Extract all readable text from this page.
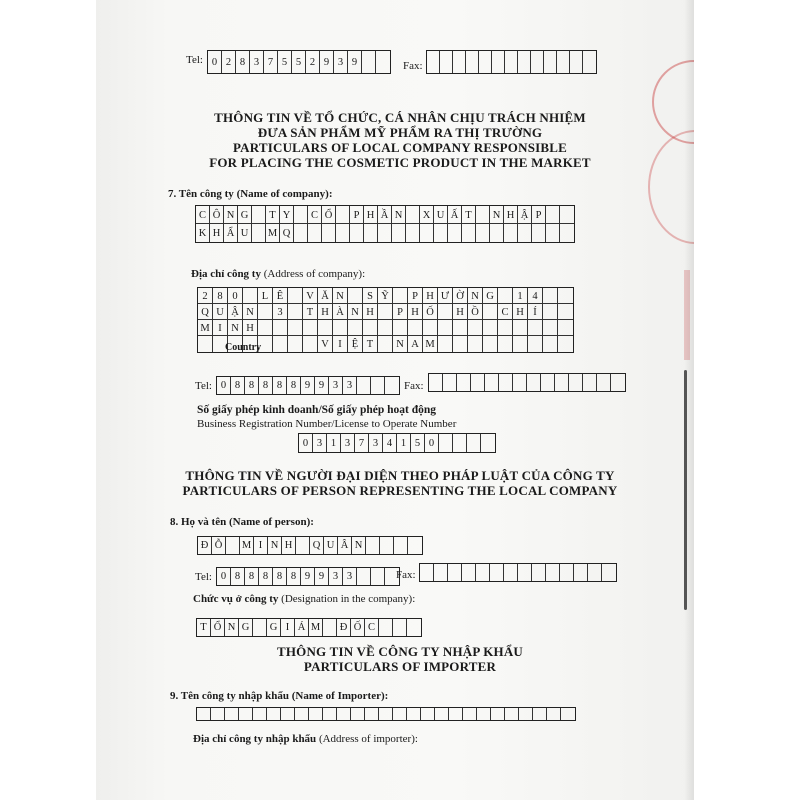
Tel: 0 2 8 3 7 5 5 2 9 3 9	Fax:
THÔNG TIN VỀ TỔ CHỨC, CÁ NHÂN CHỊU TRÁCH NHIỆM
ĐƯA SẢN PHẨM MỸ PHẨM RA THỊ TRƯỜNG
PARTICULARS OF LOCAL COMPANY RESPONSIBLE
FOR PLACING THE COSMETIC PRODUCT IN THE MARKET
7. Tên công ty (Name of company):
C Ô N G	T Y	C Ổ	P H Ầ N	X U Ấ T	N H Ậ P
K H Ẩ U	M Q
Địa chỉ công ty (Address of company):
2 8 0	L Ê	V Ă N	S Ỹ	P H Ư Ờ N G	1 4
Q U Ậ N	3	T H À N H	P H Ố	H Ồ	C H Í
M I N H
V I Ệ T	N A M
Country
Tel: 0 8 8 8 8 8 9 9 3 3	Fax:
Số giấy phép kinh doanh/Số giấy phép hoạt động
Business Registration Number/License to Operate Number
0 3 1 3 7 3 4 1 5 0
THÔNG TIN VỀ NGƯỜI ĐẠI DIỆN THEO PHÁP LUẬT CỦA CÔNG TY
PARTICULARS OF PERSON REPRESENTING THE LOCAL COMPANY
8. Họ và tên (Name of person):
Đ Ỗ	M I N H	Q U Â N
Tel: 0 8 8 8 8 8 9 9 3 3	Fax:
Chức vụ ở công ty (Designation in the company):
T Ổ N G	G I Á M Đ Ố C
THÔNG TIN VỀ CÔNG TY NHẬP KHẨU
PARTICULARS OF IMPORTER
9. Tên công ty nhập khẩu (Name of Importer):
Địa chỉ công ty nhập khẩu (Address of importer):
